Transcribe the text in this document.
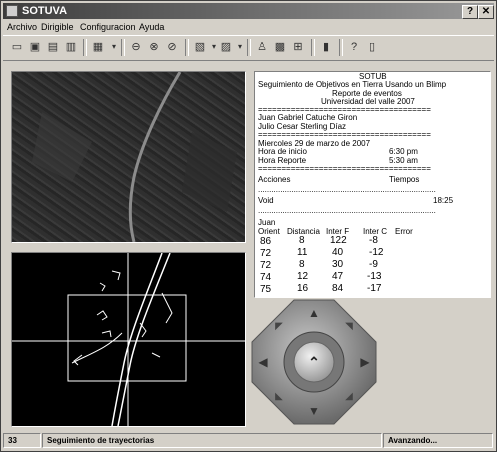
SOTUVA	? ✕
Archivo Dirigible Configuracion Ayuda
▭ ▣ ▤ ▥ ▦	▾	⊖ ⊗ ⊘ ▧ ▾ ▨ ▾	♙ ▩ ⊞	▮	?	▯
SOTUB
Seguimiento de Objetivos en Tierra Usando un Blimp
Reporte de eventos
Universidad del valle 2007
=====================================
Juan Gabriel Catuche Giron
Julio Cesar Sterling Díaz
=====================================
Miercoles 29 de marzo de 2007
Hora de inicio	6:30 pm
Hora Reporte	5:30 am
=====================================
Acciones	Tiempos
................................................................................
Void	18:25
................................................................................
Juan
Orient Distancia Inter F Inter C Error
86	8	122 -8
72	11 40	-12
72	8	30	-9
74	12 47 -13
75	16 84 -17
▲
▼
◀	▶
◤	◥
◣	◢
⌃
33	Seguimiento de trayectorias	Avanzando...
